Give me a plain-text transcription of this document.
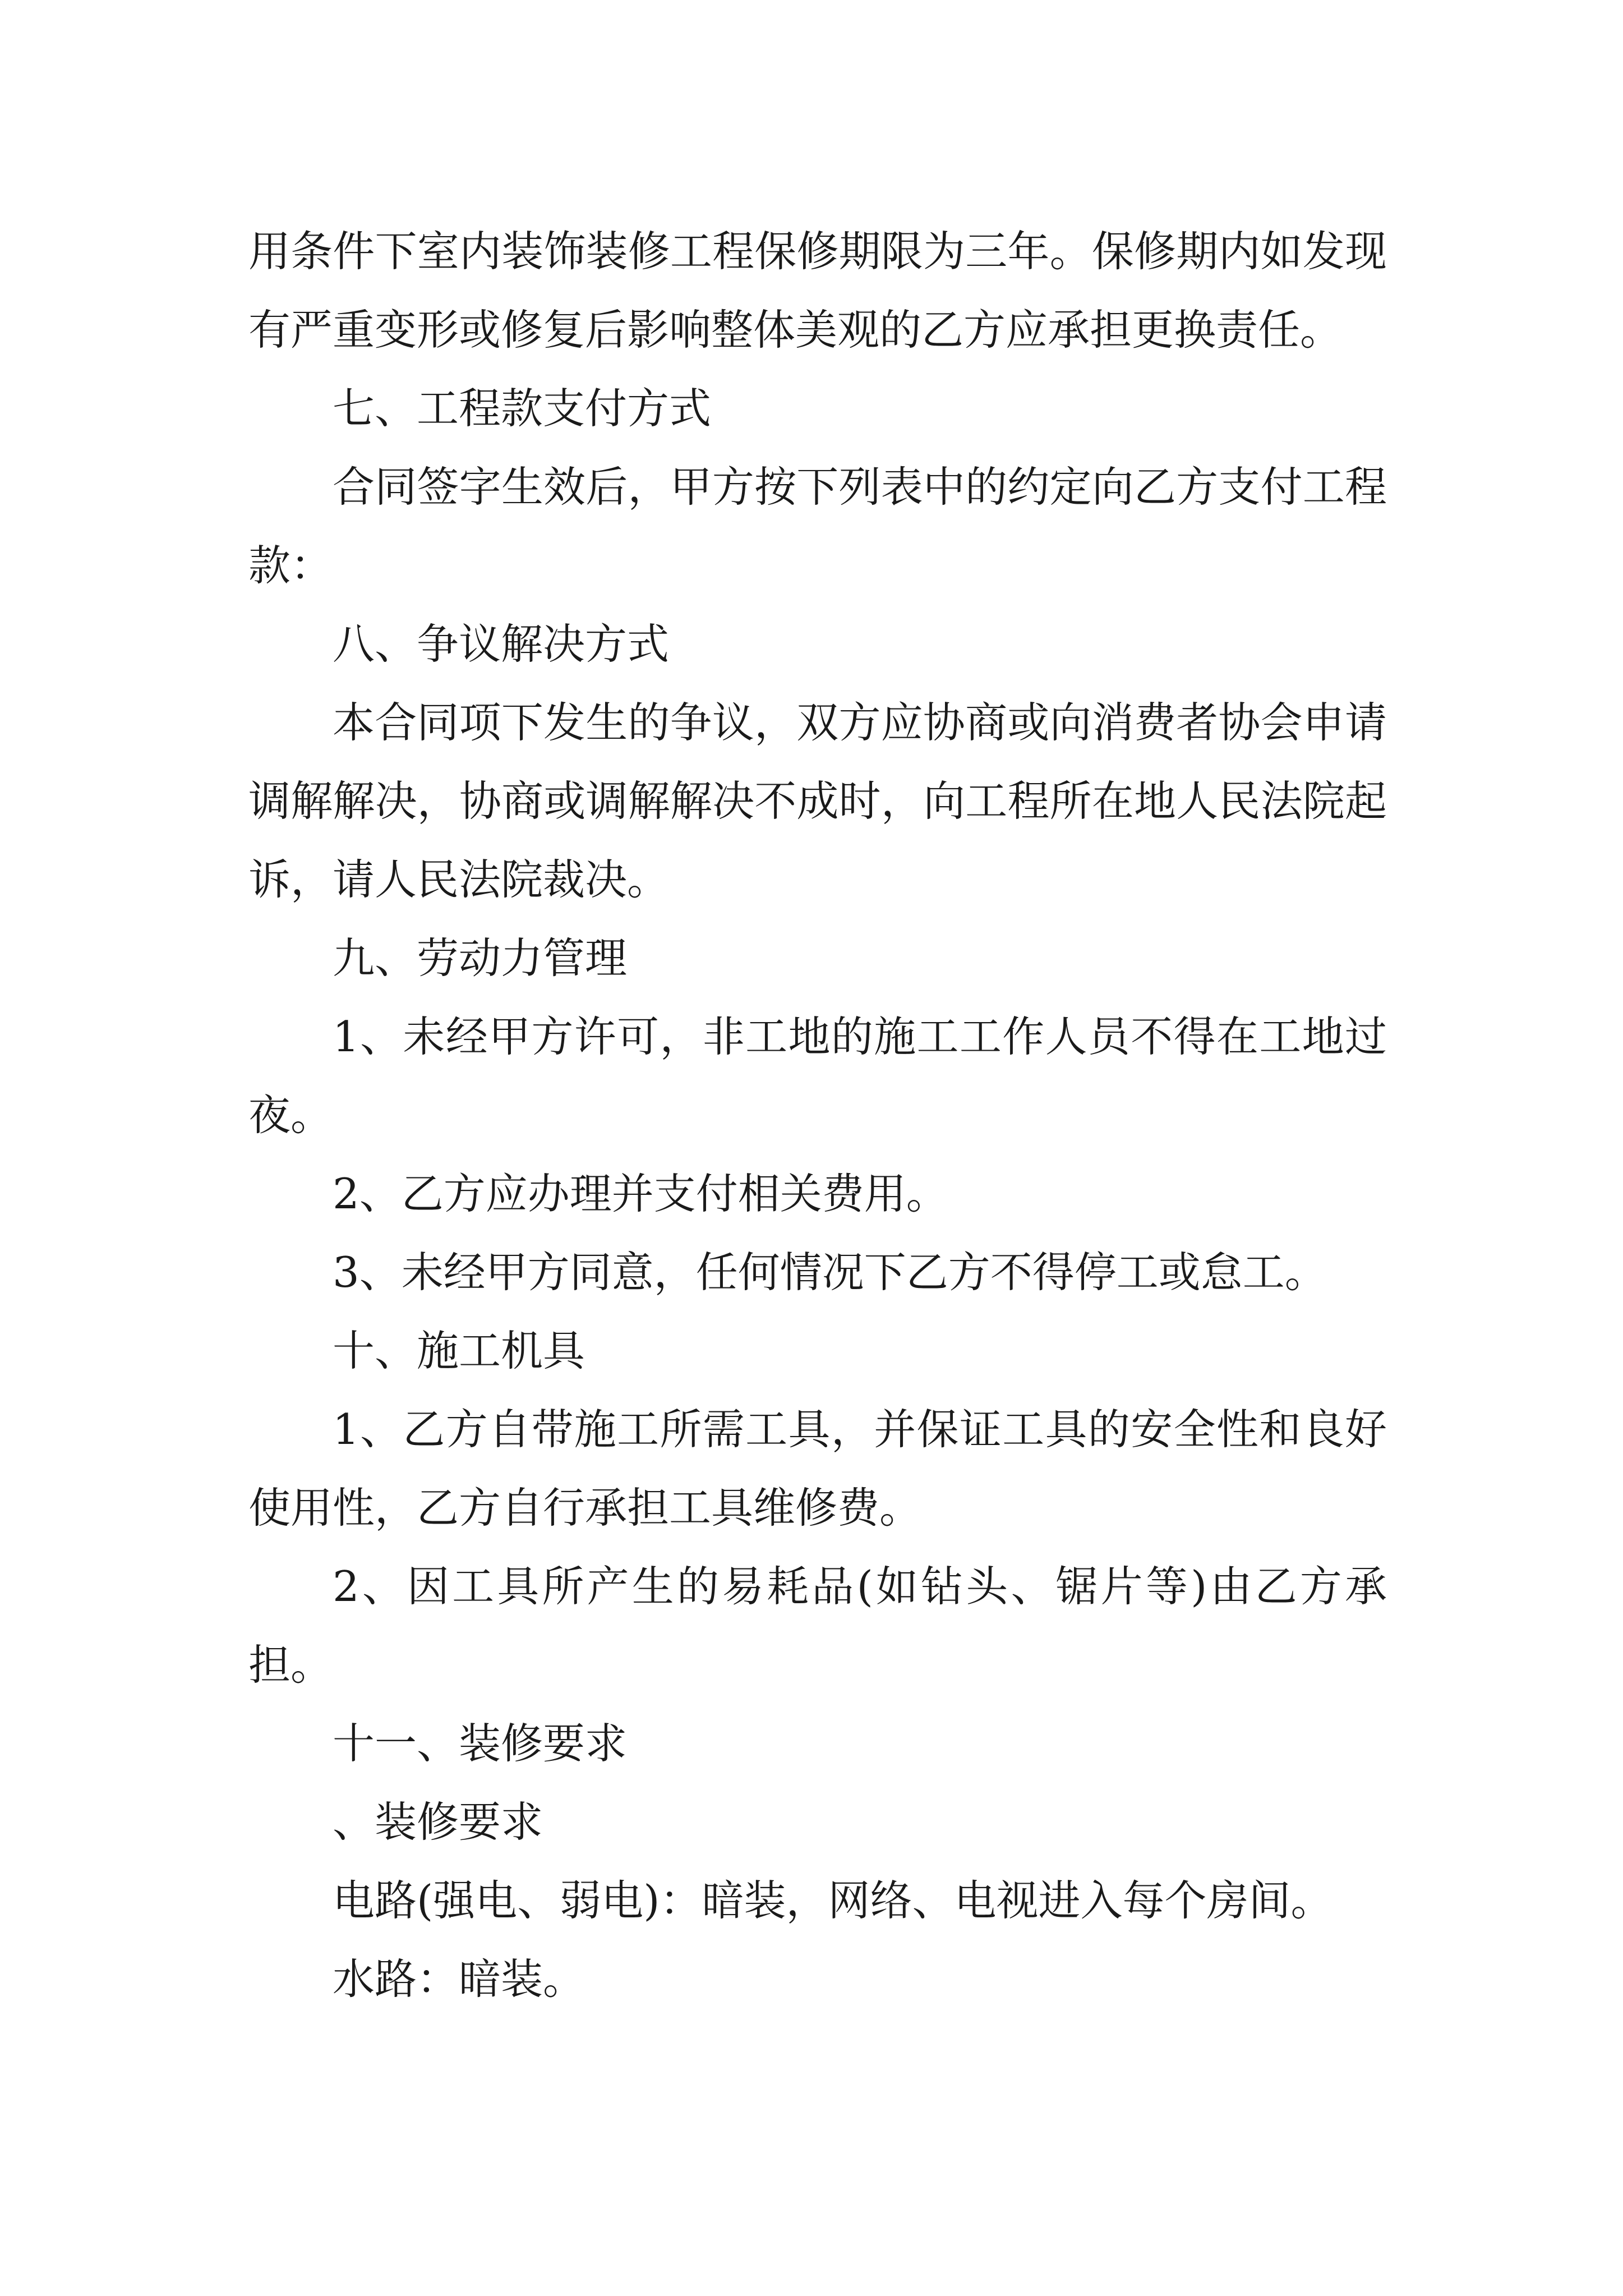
用条件下室内装饰装修工程保修期限为三年。保修期内如发现有严重变形或修复后影响整体美观的乙方应承担更换责任。

七、工程款支付方式

合同签字生效后，甲方按下列表中的约定向乙方支付工程款：

八、争议解决方式

本合同项下发生的争议，双方应协商或向消费者协会申请调解解决，协商或调解解决不成时，向工程所在地人民法院起诉，请人民法院裁决。

九、劳动力管理

1、未经甲方许可，非工地的施工工作人员不得在工地过夜。

2、乙方应办理并支付相关费用。

3、未经甲方同意，任何情况下乙方不得停工或怠工。

十、施工机具

1、乙方自带施工所需工具，并保证工具的安全性和良好使用性，乙方自行承担工具维修费。

2、因工具所产生的易耗品(如钻头、锯片等)由乙方承担。

十一、装修要求

、装修要求

电路(强电、弱电)：暗装，网络、电视进入每个房间。

水路：暗装。
